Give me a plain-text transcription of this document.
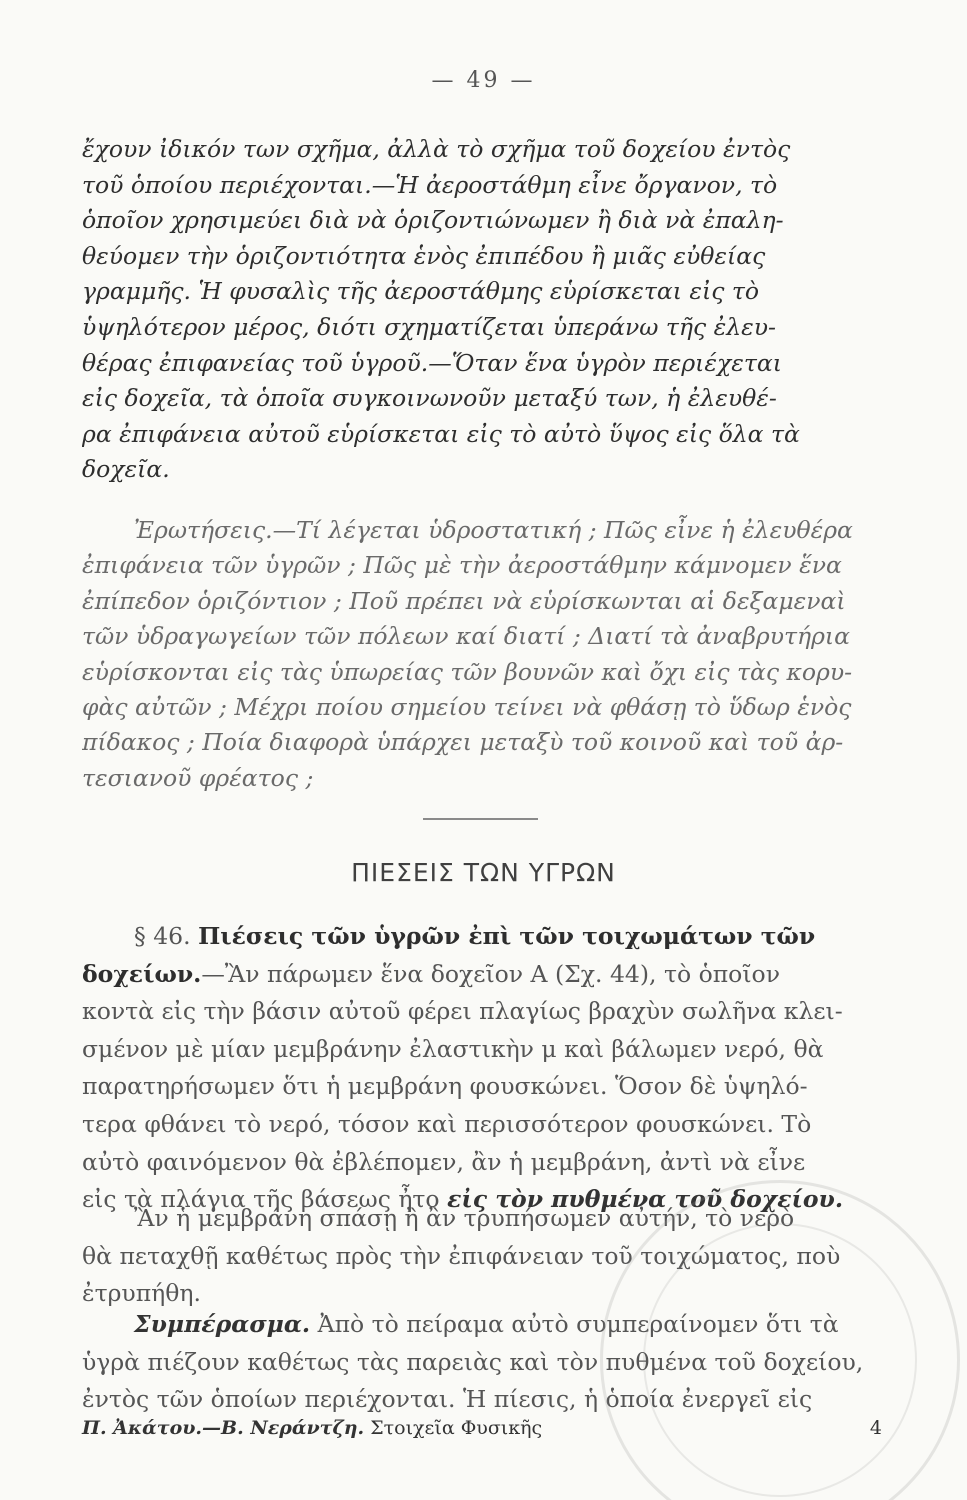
— 49 —
ἔχουν ἰδικόν των σχῆμα, ἀλλὰ τὸ σχῆμα τοῦ δοχείου ἐντὸς
τοῦ ὁποίου περιέχονται.—Ἡ ἀεροστάθμη εἶνε ὄργανον, τὸ
ὁποῖον χρησιμεύει διὰ νὰ ὁριζοντιώνωμεν ἢ διὰ νὰ ἐπαλη-
θεύομεν τὴν ὁριζοντιότητα ἑνὸς ἐπιπέδου ἢ μιᾶς εὐθείας
γραμμῆς. Ἡ φυσαλὶς τῆς ἀεροστάθμης εὑρίσκεται εἰς τὸ
ὑψηλότερον μέρος, διότι σχηματίζεται ὑπεράνω τῆς ἐλευ-
θέρας ἐπιφανείας τοῦ ὑγροῦ.—Ὅταν ἕνα ὑγρὸν περιέχεται
εἰς δοχεῖα, τὰ ὁποῖα συγκοινωνοῦν μεταξύ των, ἡ ἐλευθέ-
ρα ἐπιφάνεια αὐτοῦ εὑρίσκεται εἰς τὸ αὐτὸ ὕψος εἰς ὅλα τὰ
δοχεῖα.
Ἐρωτήσεις.—Τί λέγεται ὑδροστατική ; Πῶς εἶνε ἡ ἐλευθέρα
ἐπιφάνεια τῶν ὑγρῶν ; Πῶς μὲ τὴν ἀεροστάθμην κάμνομεν ἕνα
ἐπίπεδον ὁριζόντιον ; Ποῦ πρέπει νὰ εὑρίσκωνται αἱ δεξαμεναὶ
τῶν ὑδραγωγείων τῶν πόλεων καί διατί ; Διατί τὰ ἀναβρυτήρια
εὑρίσκονται εἰς τὰς ὑπωρείας τῶν βουνῶν καὶ ὄχι εἰς τὰς κορυ-
φὰς αὐτῶν ; Μέχρι ποίου σημείου τείνει νὰ φθάσῃ τὸ ὕδωρ ἑνὸς
πίδακος ; Ποία διαφορὰ ὑπάρχει μεταξὺ τοῦ κοινοῦ καὶ τοῦ ἀρ-
τεσιανοῦ φρέατος ;
ΠΙΕΣΕΙΣ ΤΩΝ ΥΓΡΩΝ
§ 46. Πιέσεις τῶν ὑγρῶν ἐπὶ τῶν τοιχωμάτων τῶν
δοχείων.—Ἂν πάρωμεν ἕνα δοχεῖον Α (Σχ. 44), τὸ ὁποῖον
κοντὰ εἰς τὴν βάσιν αὐτοῦ φέρει πλαγίως βραχὺν σωλῆνα κλει-
σμένον μὲ μίαν μεμβράνην ἐλαστικὴν μ καὶ βάλωμεν νερό, θὰ
παρατηρήσωμεν ὅτι ἡ μεμβράνη φουσκώνει. Ὅσον δὲ ὑψηλό-
τερα φθάνει τὸ νερό, τόσον καὶ περισσότερον φουσκώνει. Τὸ
αὐτὸ φαινόμενον θὰ ἐβλέπομεν, ἂν ἡ μεμβράνη, ἀντὶ νὰ εἶνε
εἰς τὰ πλάγια τῆς βάσεως ἦτο εἰς τὸν πυθμένα τοῦ δοχείου.
Ἂν ἡ μεμβράνη σπάσῃ ἢ ἂν τρυπήσωμεν αὐτήν, τὸ νερὸ
θὰ πεταχθῇ καθέτως πρὸς τὴν ἐπιφάνειαν τοῦ τοιχώματος, ποὺ
ἐτρυπήθη.
Συμπέρασμα. Ἀπὸ τὸ πείραμα αὐτὸ συμπεραίνομεν ὅτι τὰ
ὑγρὰ πιέζουν καθέτως τὰς παρειὰς καὶ τὸν πυθμένα τοῦ δοχείου,
ἐντὸς τῶν ὁποίων περιέχονται. Ἡ πίεσις, ἡ ὁποία ἐνεργεῖ εἰς
Π. Ἀκάτου.—Β. Νεράντζη. Στοιχεῖα Φυσικῆς	4
